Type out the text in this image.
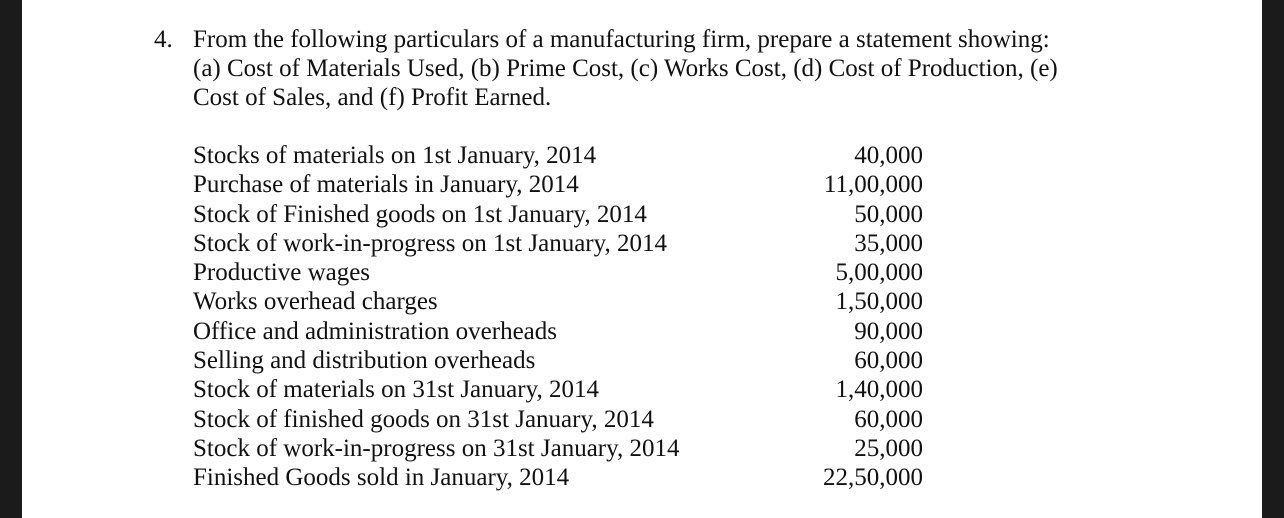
4. From the following particulars of a manufacturing firm, prepare a statement showing:
(a) Cost of Materials Used, (b) Prime Cost, (c) Works Cost, (d) Cost of Production, (e)
Cost of Sales, and (f) Profit Earned.
Stocks of materials on 1st January, 2014	40,000
Purchase of materials in January, 2014	11,00,000
Stock of Finished goods on 1st January, 2014	50,000
Stock of work-in-progress on 1st January, 2014	35,000
Productive wages	5,00,000
Works overhead charges	1,50,000
Office and administration overheads	90,000
Selling and distribution overheads	60,000
Stock of materials on 31st January, 2014	1,40,000
Stock of finished goods on 31st January, 2014	60,000
Stock of work-in-progress on 31st January, 2014	25,000
Finished Goods sold in January, 2014	22,50,000
